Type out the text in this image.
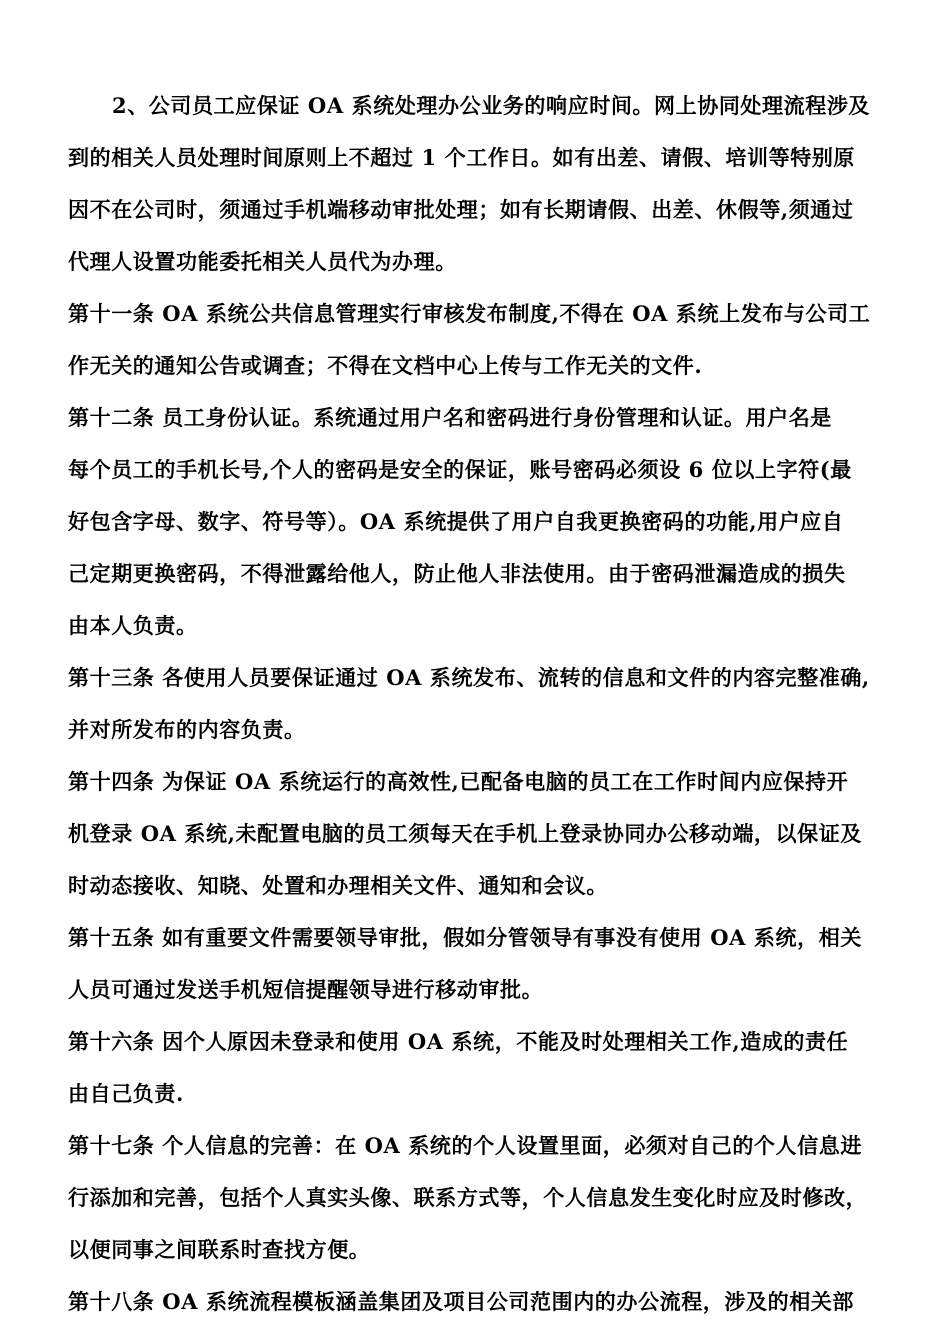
2、公司员工应保证 OA 系统处理办公业务的响应时间。网上协同处理流程涉及
到的相关人员处理时间原则上不超过 1 个工作日。如有出差、请假、培训等特别原
因不在公司时，须通过手机端移动审批处理；如有长期请假、出差、休假等,须通过
代理人设置功能委托相关人员代为办理。
第十一条 OA 系统公共信息管理实行审核发布制度,不得在 OA 系统上发布与公司工
作无关的通知公告或调查；不得在文档中心上传与工作无关的文件.
第十二条 员工身份认证。系统通过用户名和密码进行身份管理和认证。用户名是
每个员工的手机长号,个人的密码是安全的保证，账号密码必须设 6 位以上字符(最
好包含字母、数字、符号等）。OA 系统提供了用户自我更换密码的功能,用户应自
己定期更换密码，不得泄露给他人，防止他人非法使用。由于密码泄漏造成的损失
由本人负责。
第十三条 各使用人员要保证通过 OA 系统发布、流转的信息和文件的内容完整准确,
并对所发布的内容负责。
第十四条 为保证 OA 系统运行的高效性,已配备电脑的员工在工作时间内应保持开
机登录 OA 系统,未配置电脑的员工须每天在手机上登录协同办公移动端，以保证及
时动态接收、知晓、处置和办理相关文件、通知和会议。
第十五条 如有重要文件需要领导审批，假如分管领导有事没有使用 OA 系统，相关
人员可通过发送手机短信提醒领导进行移动审批。
第十六条 因个人原因未登录和使用 OA 系统，不能及时处理相关工作,造成的责任
由自己负责.
第十七条 个人信息的完善：在 OA 系统的个人设置里面，必须对自己的个人信息进
行添加和完善，包括个人真实头像、联系方式等，个人信息发生变化时应及时修改，
以便同事之间联系时查找方便。
第十八条 OA 系统流程模板涵盖集团及项目公司范围内的办公流程，涉及的相关部
